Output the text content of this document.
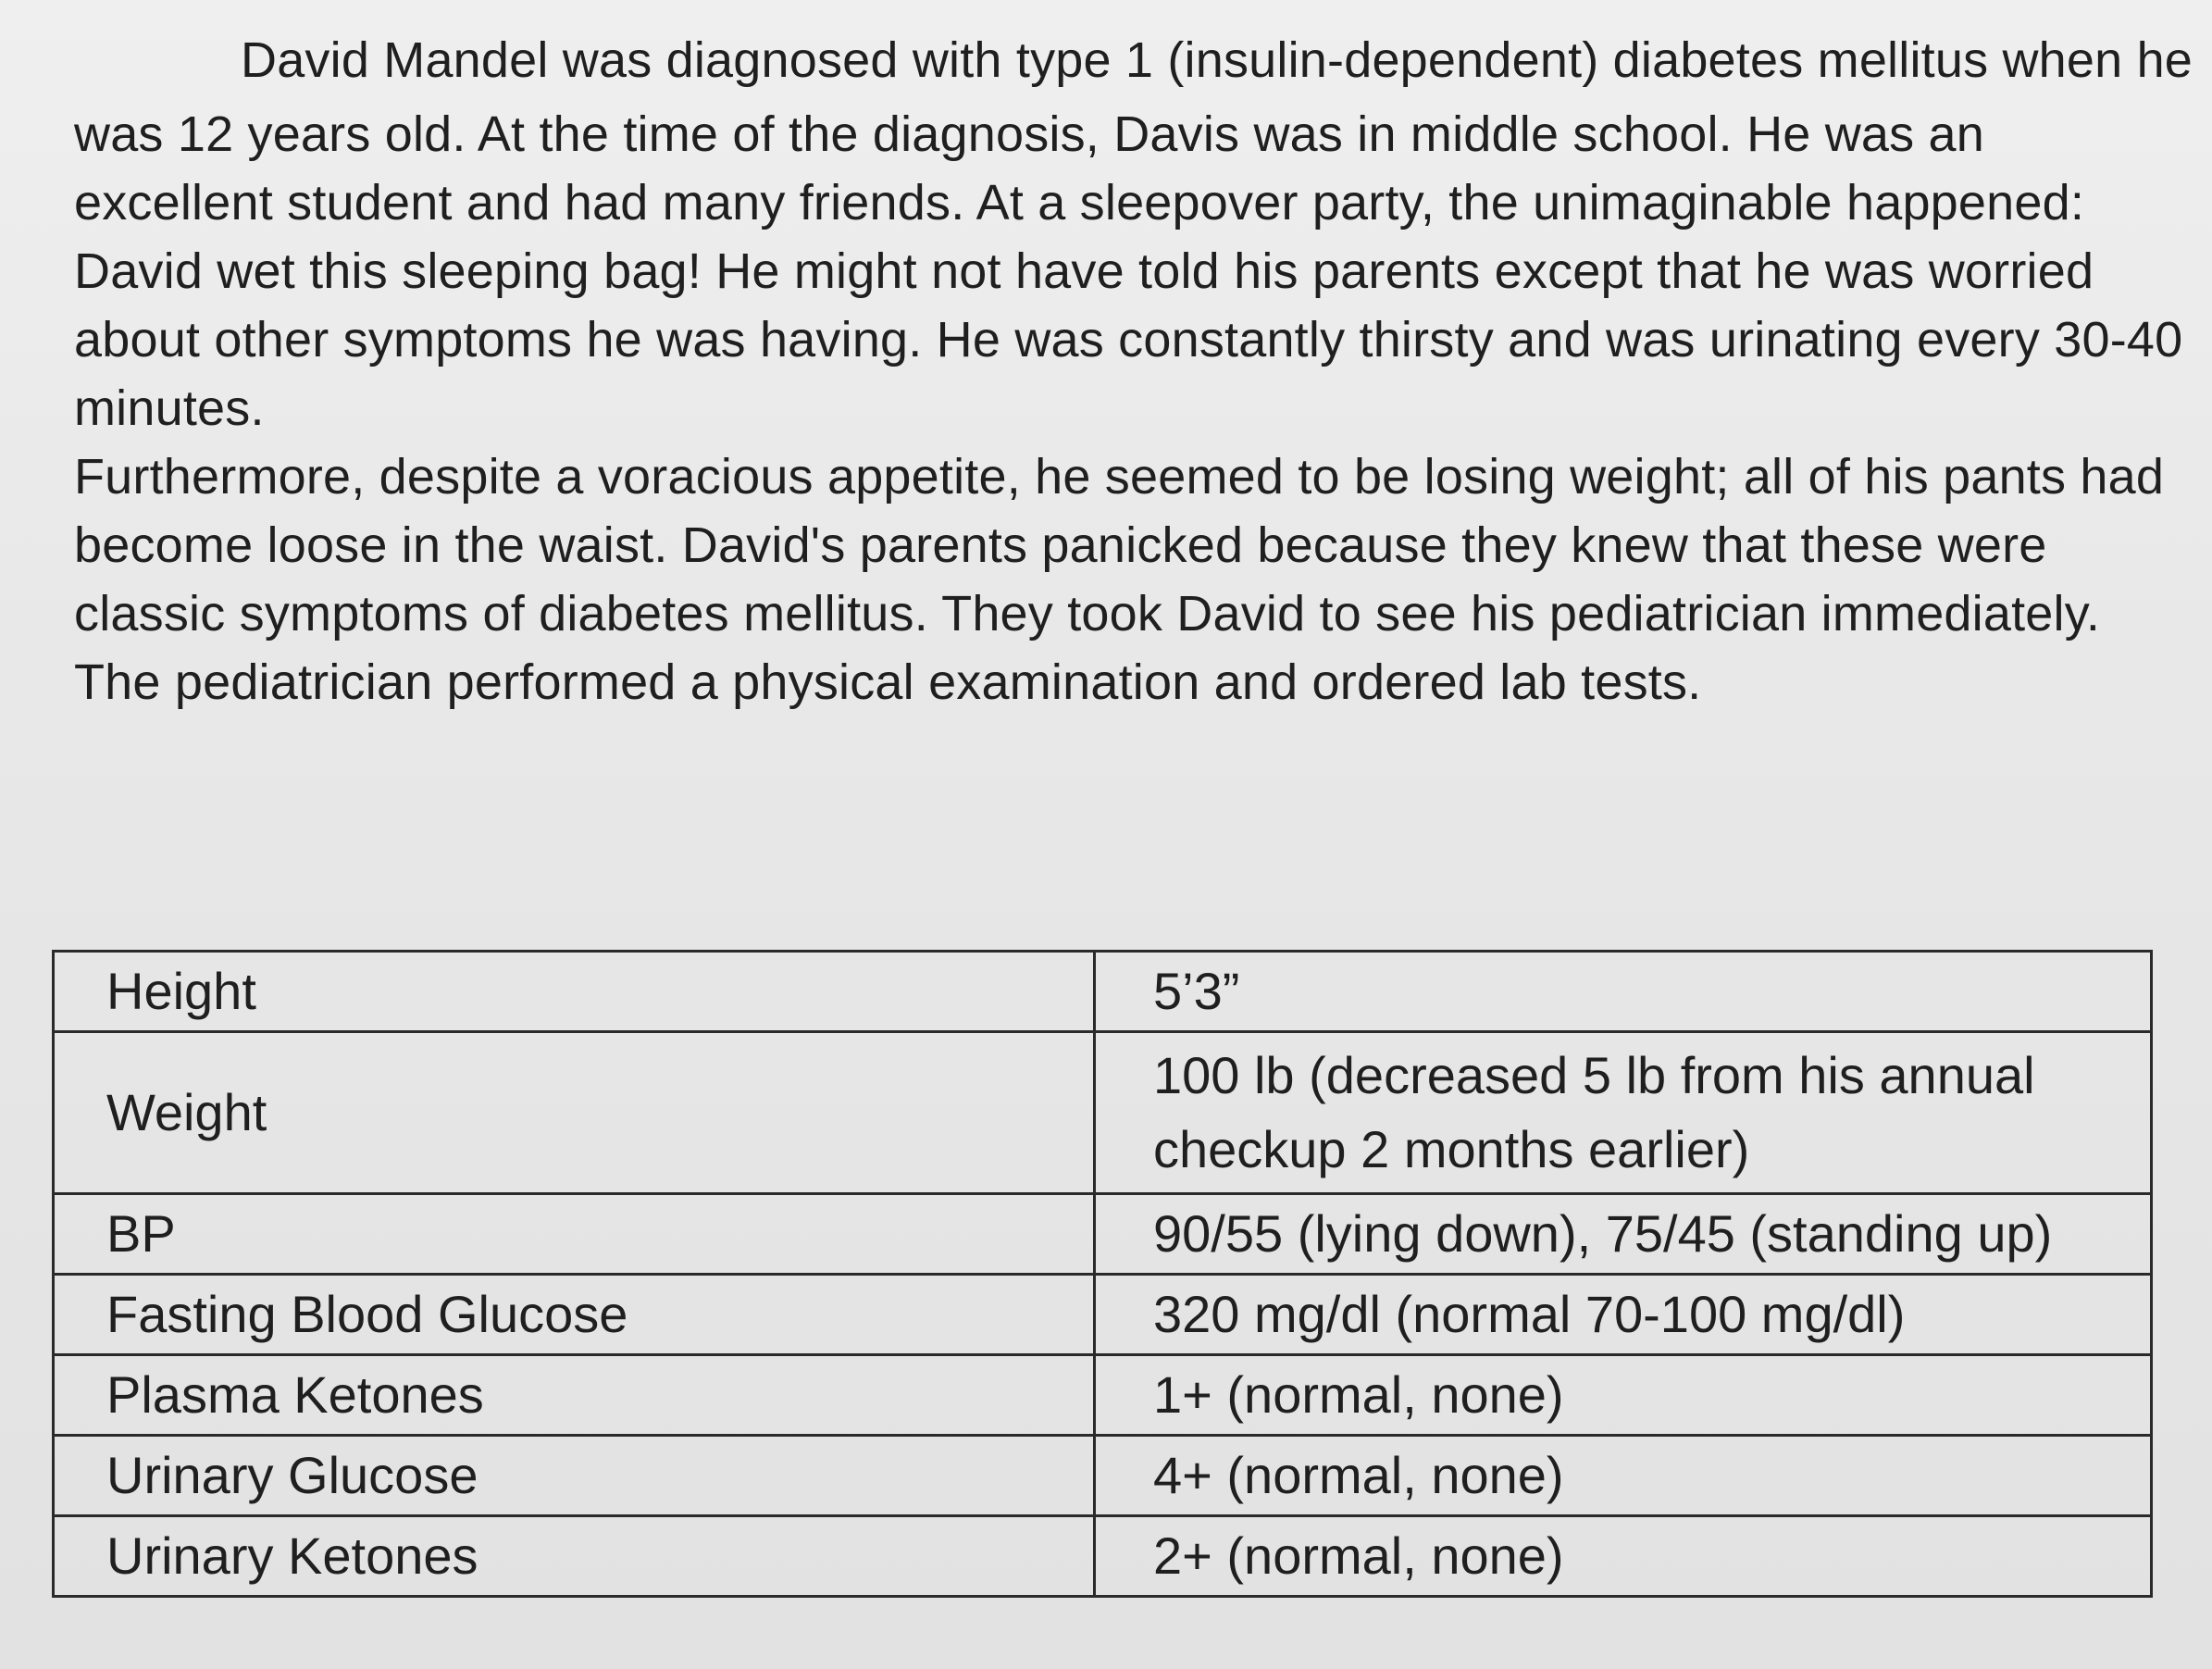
David Mandel was diagnosed with type 1 (insulin-dependent) diabetes mellitus when he

was 12 years old. At the time of the diagnosis, Davis was in middle school. He was an excellent student and had many friends. At a sleepover party, the unimaginable happened: David wet this sleeping bag! He might not have told his parents except that he was worried about other symptoms he was having. He was constantly thirsty and was urinating every 30-40 minutes.

Furthermore, despite a voracious appetite, he seemed to be losing weight; all of his pants had become loose in the waist. David's parents panicked because they knew that these were classic symptoms of diabetes mellitus. They took David to see his pediatrician immediately. The pediatrician performed a physical examination and ordered lab tests.

Height	5’3”
Weight	100 lb (decreased 5 lb from his annual checkup 2 months earlier)
BP	90/55 (lying down), 75/45 (standing up)
Fasting Blood Glucose	320 mg/dl (normal 70-100 mg/dl)
Plasma Ketones	1+ (normal, none)
Urinary Glucose	4+ (normal, none)
Urinary Ketones	2+ (normal, none)
